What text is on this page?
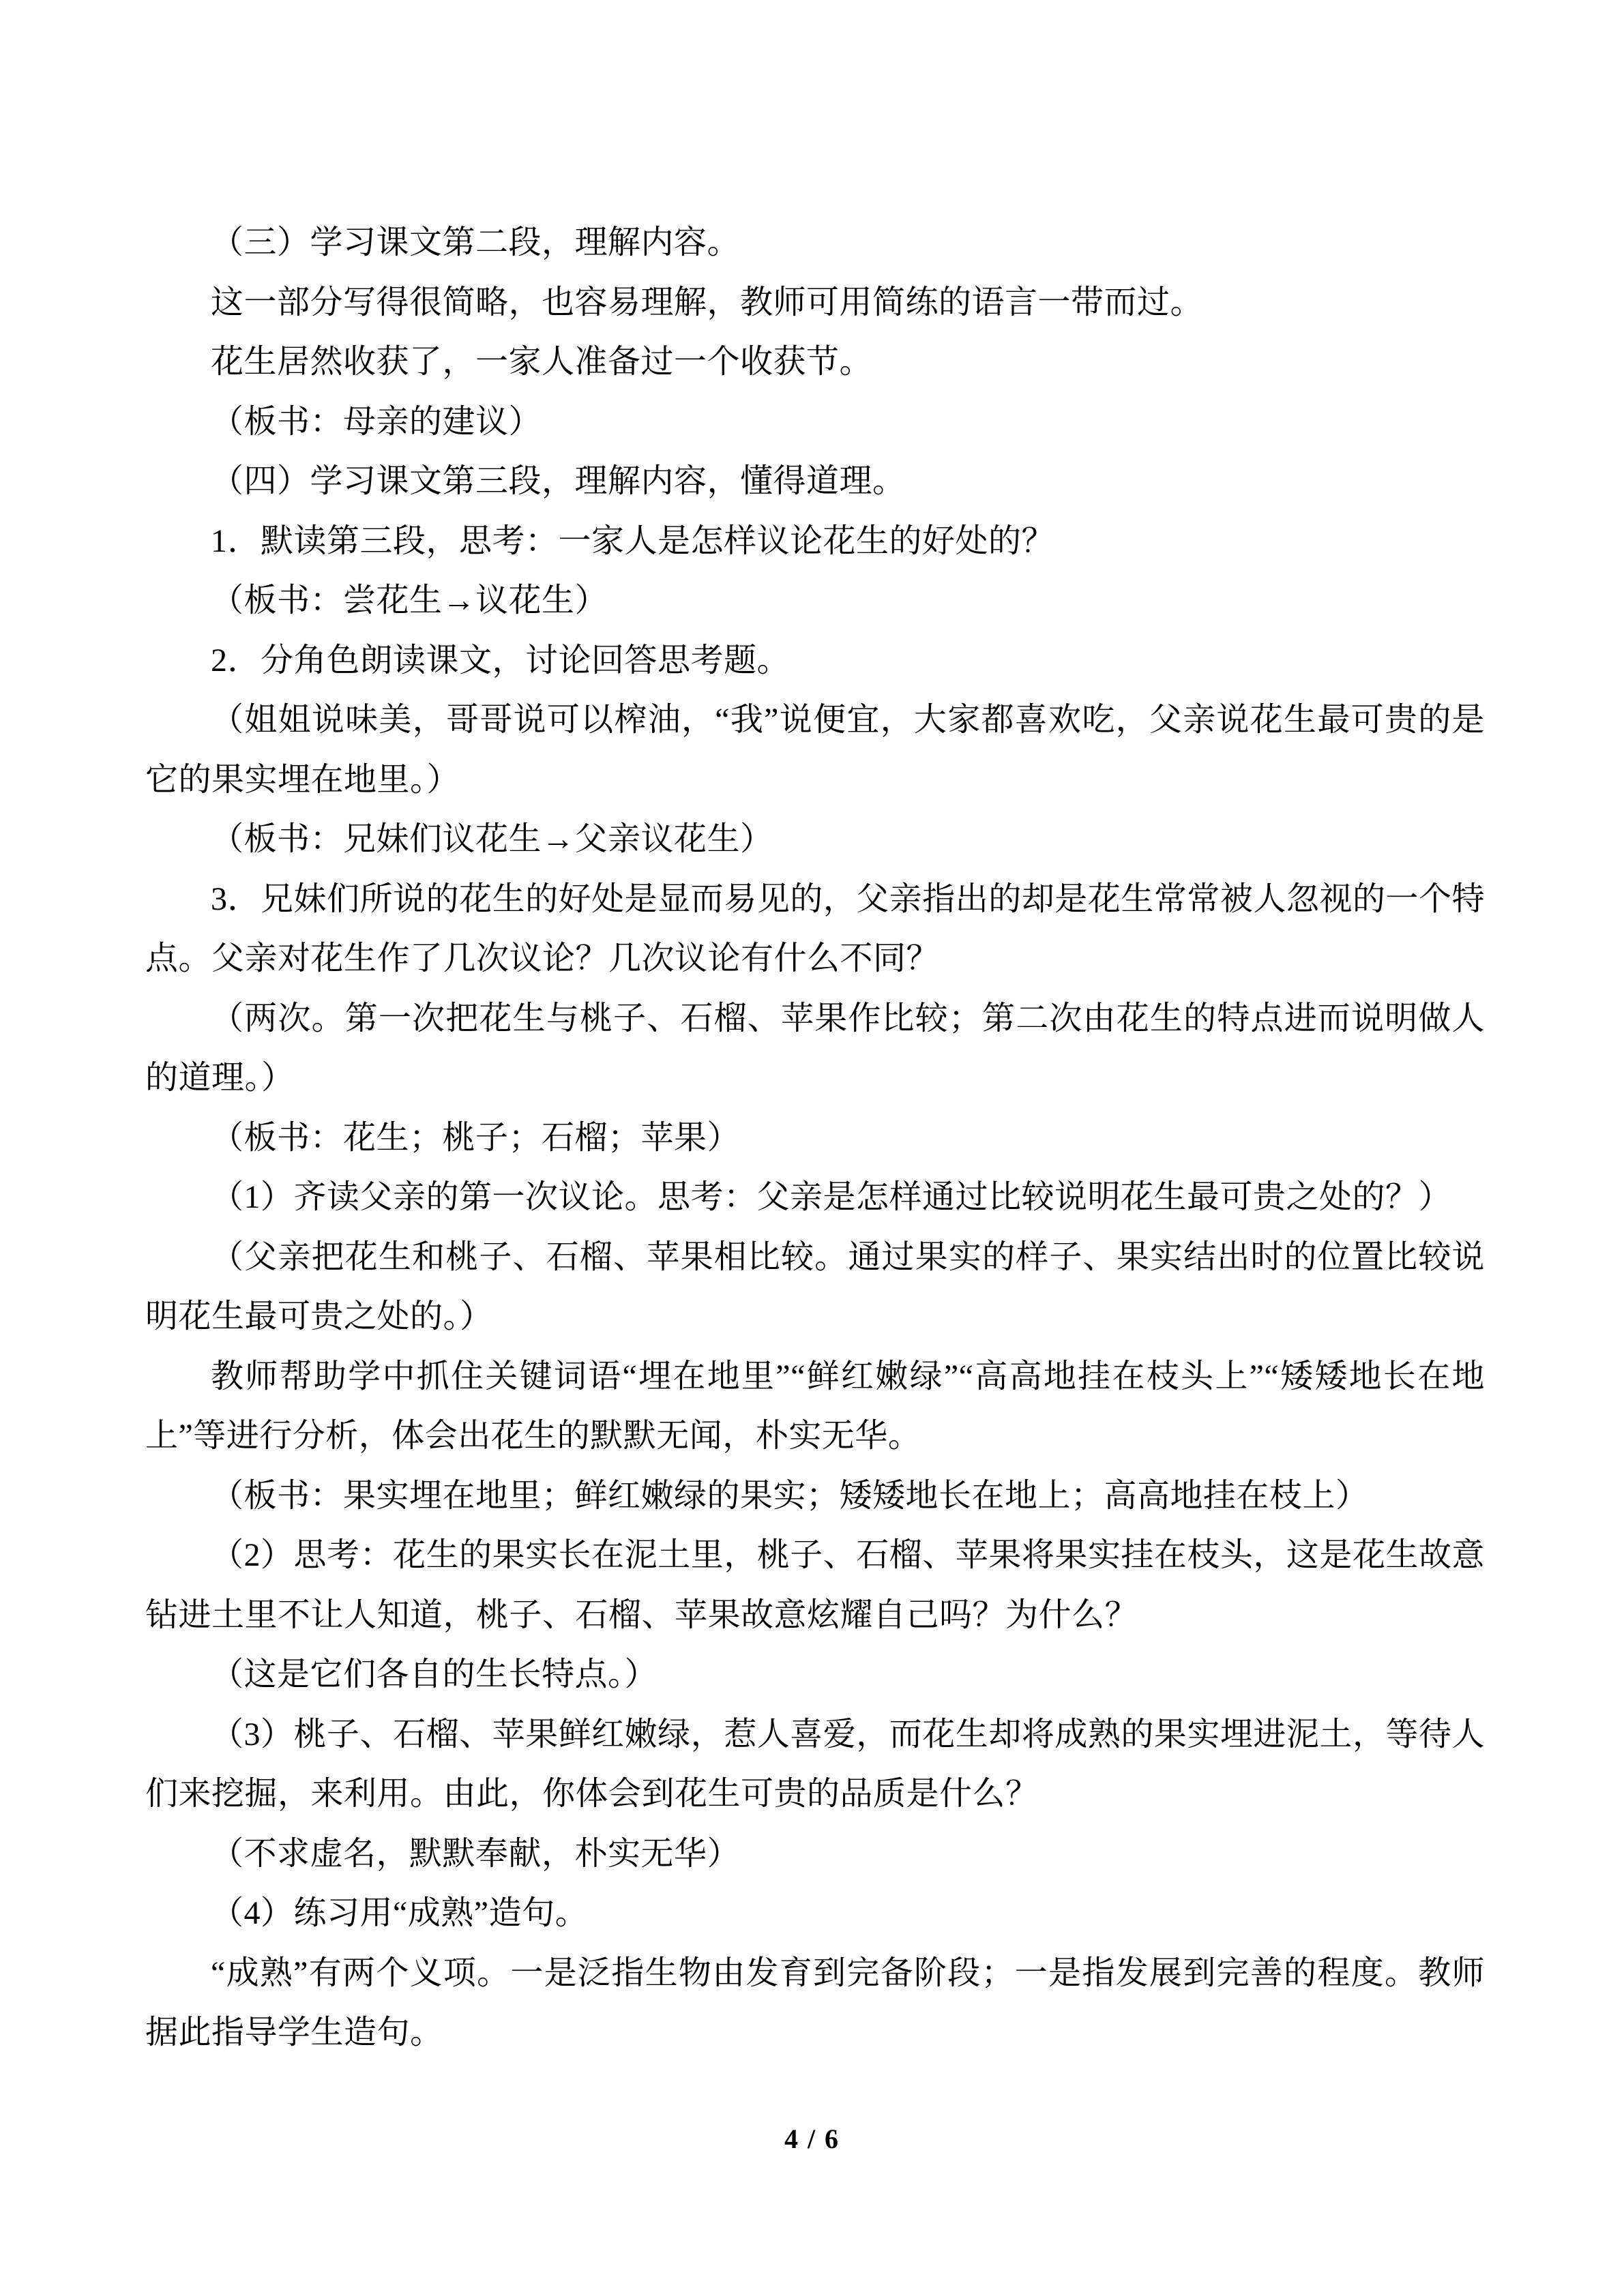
（三）学习课文第二段，理解内容。

这一部分写得很简略，也容易理解，教师可用简练的语言一带而过。

花生居然收获了，一家人准备过一个收获节。

（板书：母亲的建议）

（四）学习课文第三段，理解内容，懂得道理。

1．默读第三段，思考：一家人是怎样议论花生的好处的？

（板书：尝花生→议花生）

2．分角色朗读课文，讨论回答思考题。

（姐姐说味美，哥哥说可以榨油，“我”说便宜，大家都喜欢吃，父亲说花生最可贵的是它的果实埋在地里。）

（板书：兄妹们议花生→父亲议花生）

3．兄妹们所说的花生的好处是显而易见的，父亲指出的却是花生常常被人忽视的一个特点。父亲对花生作了几次议论？几次议论有什么不同？

（两次。第一次把花生与桃子、石榴、苹果作比较；第二次由花生的特点进而说明做人的道理。）

（板书：花生；桃子；石榴；苹果）

（1）齐读父亲的第一次议论。思考：父亲是怎样通过比较说明花生最可贵之处的？）

（父亲把花生和桃子、石榴、苹果相比较。通过果实的样子、果实结出时的位置比较说明花生最可贵之处的。）

教师帮助学中抓住关键词语“埋在地里”“鲜红嫩绿”“高高地挂在枝头上”“矮矮地长在地上”等进行分析，体会出花生的默默无闻，朴实无华。

（板书：果实埋在地里；鲜红嫩绿的果实；矮矮地长在地上；高高地挂在枝上）

（2）思考：花生的果实长在泥土里，桃子、石榴、苹果将果实挂在枝头，这是花生故意钻进土里不让人知道，桃子、石榴、苹果故意炫耀自己吗？为什么？

（这是它们各自的生长特点。）

（3）桃子、石榴、苹果鲜红嫩绿，惹人喜爱，而花生却将成熟的果实埋进泥土，等待人们来挖掘，来利用。由此，你体会到花生可贵的品质是什么？

（不求虚名，默默奉献，朴实无华）

（4）练习用“成熟”造句。

“成熟”有两个义项。一是泛指生物由发育到完备阶段；一是指发展到完善的程度。教师据此指导学生造句。

4 / 6
